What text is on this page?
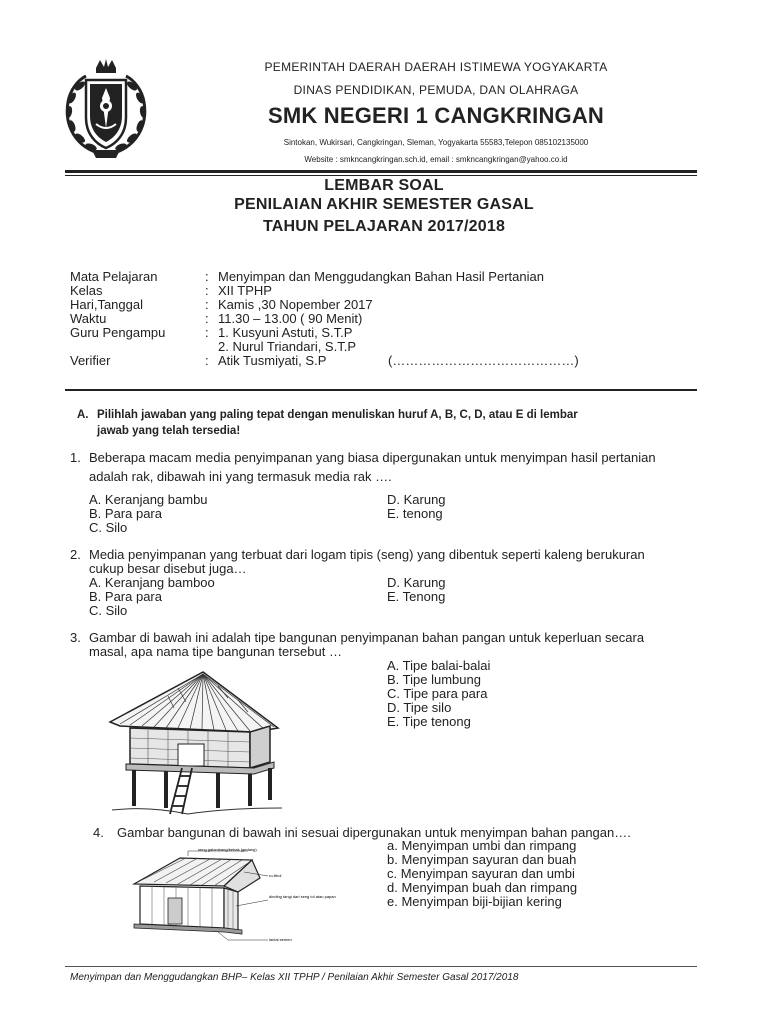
PEMERINTAH DAERAH DAERAH ISTIMEWA YOGYAKARTA
DINAS PENDIDIKAN, PEMUDA, DAN OLAHRAGA
SMK NEGERI 1 CANGKRINGAN
Sintokan, Wukirsari, Cangkringan, Sleman, Yogyakarta 55583,Telepon 085102135000
Website : smkncangkringan.sch.id, email : smkncangkringan@yahoo.co.id
LEMBAR SOAL
PENILAIAN AKHIR SEMESTER GASAL
TAHUN PELAJARAN 2017/2018
Mata Pelajaran	: Menyimpan dan Menggudangkan Bahan Hasil Pertanian
Kelas	: XII TPHP
Hari,Tanggal	: Kamis ,30 Nopember 2017
Waktu	: 11.30 – 13.00 ( 90 Menit)
Guru Pengampu	: 1. Kusyuni Astuti, S.T.P
2. Nurul Triandari, S.T.P
Verifier	: Atik Tusmiyati, S.P	(……………………………………)
A. Pilihlah jawaban yang paling tepat dengan menuliskan huruf A, B, C, D, atau E di lembar
jawab yang telah tersedia!
1. Beberapa macam media penyimpanan yang biasa dipergunakan untuk menyimpan hasil pertanian
adalah rak, dibawah ini yang termasuk media rak ….
A. Keranjang bambu
B. Para para
C. Silo
D. Karung
E. tenong
2. Media penyimpanan yang terbuat dari logam tipis (seng) yang dibentuk seperti kaleng berukuran
cukup besar disebut juga…
A. Keranjang bamboo
B. Para para
C. Silo
D. Karung
E. Tenong
3. Gambar di bawah ini adalah tipe bangunan penyimpanan bahan pangan untuk keperluan secara
masal, apa nama tipe bangunan tersebut …
A. Tipe balai-balai
B. Tipe lumbung
C. Tipe para para
D. Tipe silo
E. Tipe tenong
4. Gambar bangunan di bawah ini sesuai dipergunakan untuk menyimpan bahan pangan….
a. Menyimpan umbi dan rimpang
b. Menyimpan sayuran dan buah
c. Menyimpan sayuran dan umbi
d. Menyimpan buah dan rimpang
e. Menyimpan biji-bijian kering
seng galombang/bebak (gedang)
ro-ttbol
dinding tangi dari seng tol atau papan
lantai semen
Menyimpan dan Menggudangkan BHP– Kelas XII TPHP / Penilaian Akhir Semester Gasal 2017/2018
